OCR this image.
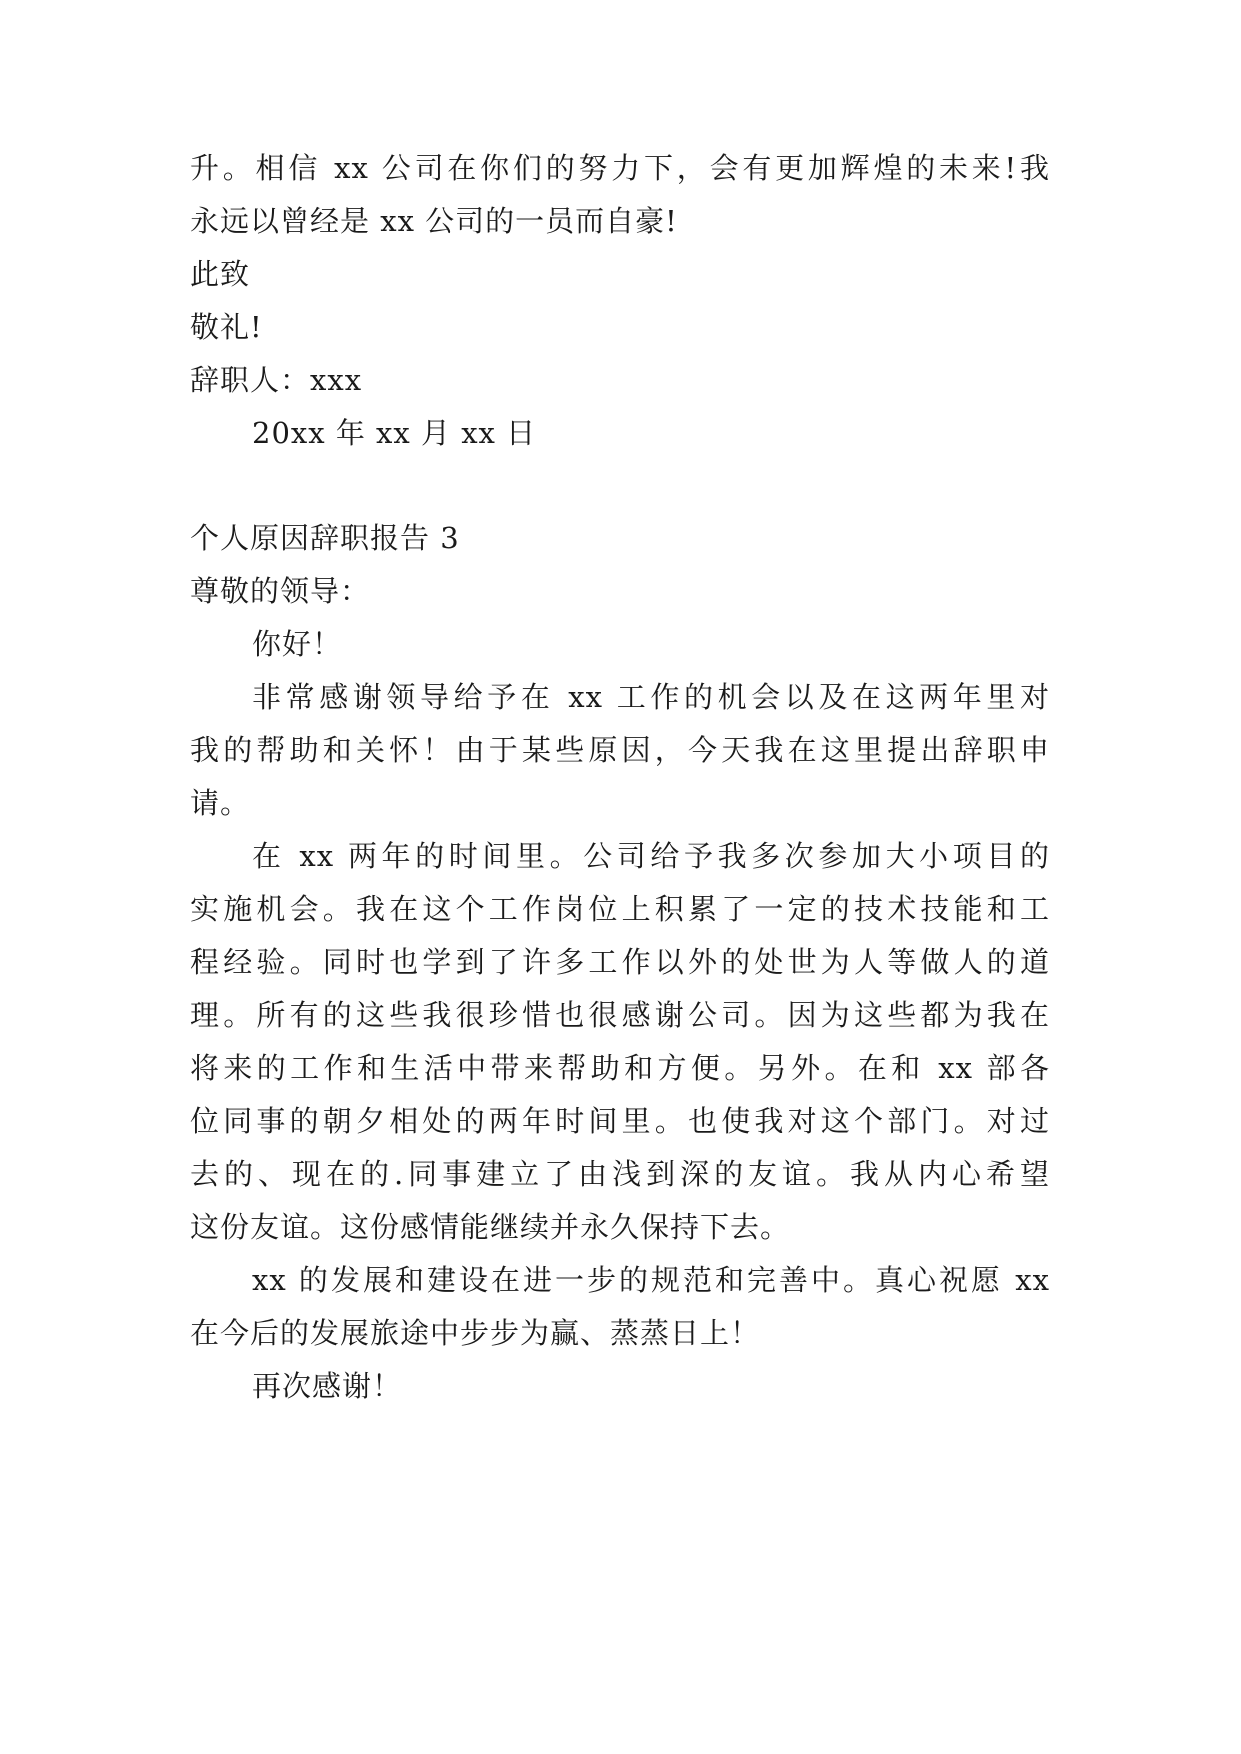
升。相信 xx 公司在你们的努力下，会有更加辉煌的未来!我
永远以曾经是 xx 公司的一员而自豪!
此致
敬礼!
辞职人：xxx
20xx 年 xx 月 xx 日
个人原因辞职报告 3
尊敬的领导：
你好！
非常感谢领导给予在 xx 工作的机会以及在这两年里对
我的帮助和关怀！由于某些原因，今天我在这里提出辞职申
请。
在 xx 两年的时间里。公司给予我多次参加大小项目的
实施机会。我在这个工作岗位上积累了一定的技术技能和工
程经验。同时也学到了许多工作以外的处世为人等做人的道
理。所有的这些我很珍惜也很感谢公司。因为这些都为我在
将来的工作和生活中带来帮助和方便。另外。在和 xx 部各
位同事的朝夕相处的两年时间里。也使我对这个部门。对过
去的、现在的.同事建立了由浅到深的友谊。我从内心希望
这份友谊。这份感情能继续并永久保持下去。
xx 的发展和建设在进一步的规范和完善中。真心祝愿 xx
在今后的发展旅途中步步为赢、蒸蒸日上！
再次感谢！
